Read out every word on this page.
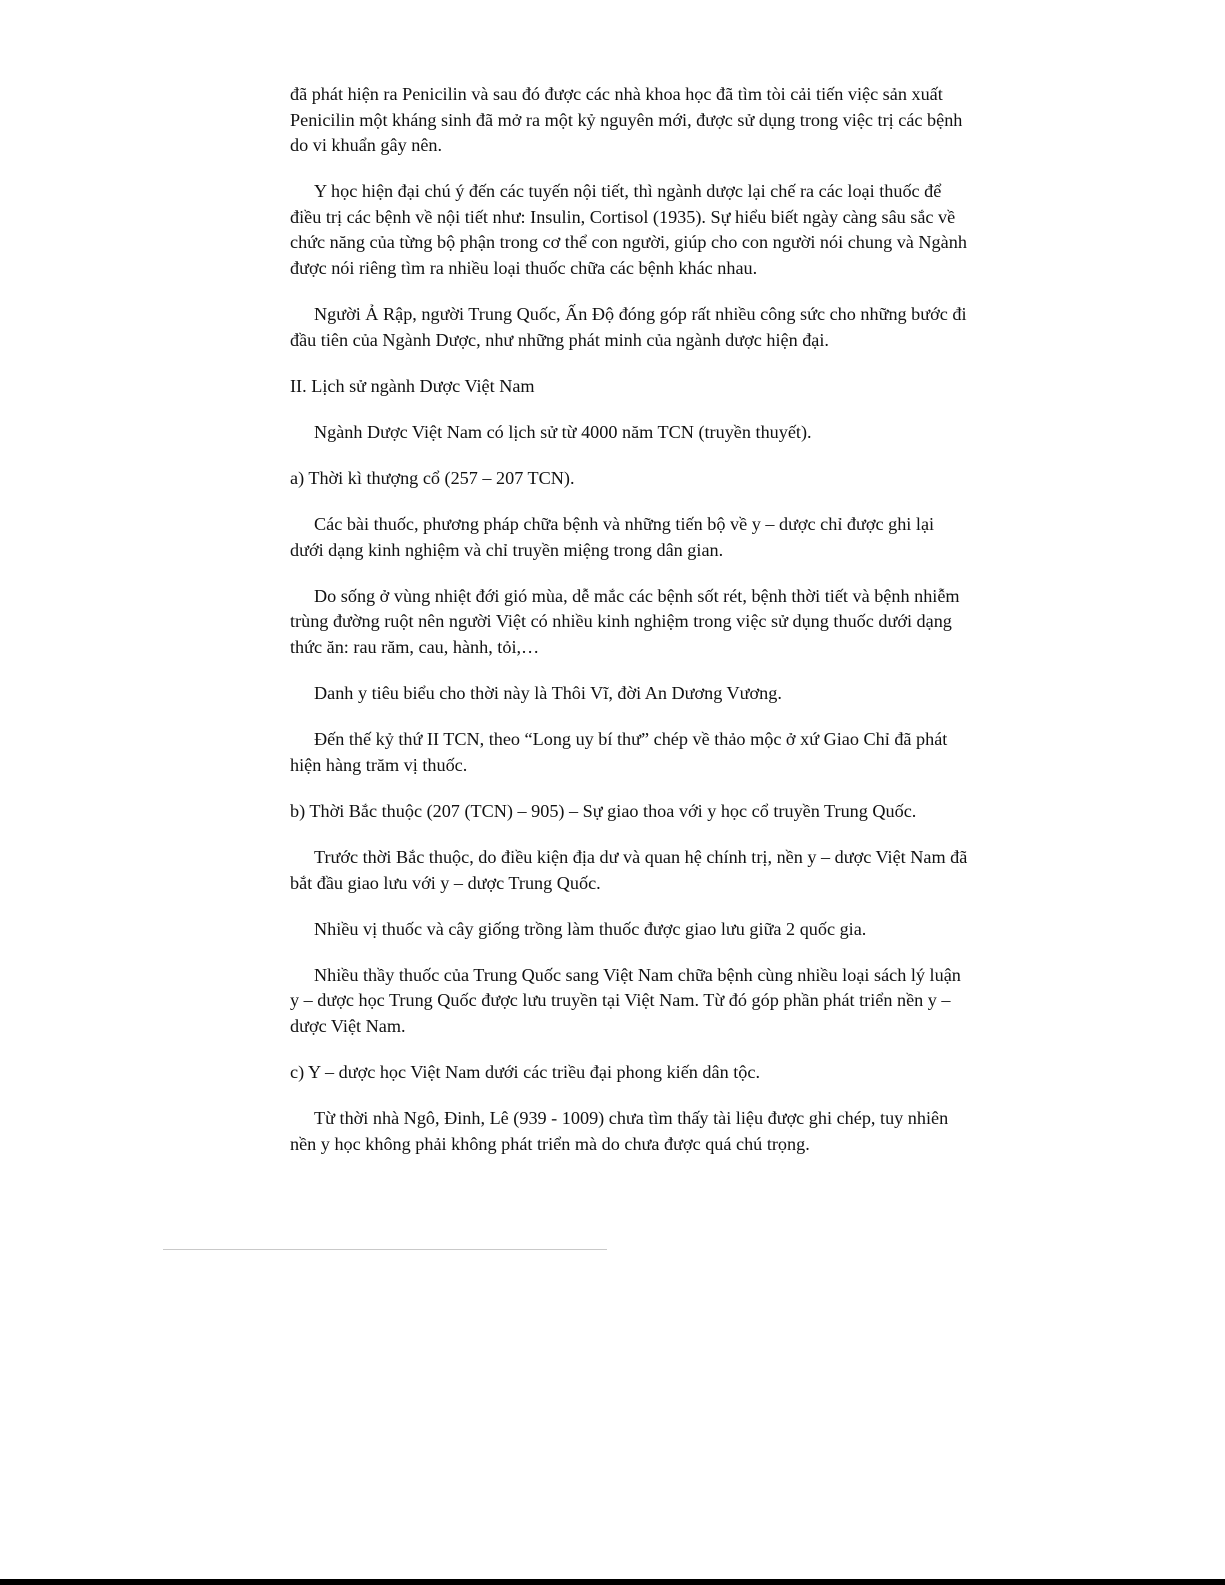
đã phát hiện ra Penicilin và sau đó được các nhà khoa học đã tìm tòi cải tiến việc sản xuất Penicilin một kháng sinh đã mở ra một kỷ nguyên mới, được sử dụng trong việc trị các bệnh do vi khuẩn gây nên.

Y học hiện đại chú ý đến các tuyến nội tiết, thì ngành dược lại chế ra các loại thuốc để điều trị các bệnh về nội tiết như: Insulin, Cortisol (1935). Sự hiểu biết ngày càng sâu sắc về chức năng của từng bộ phận trong cơ thể con người, giúp cho con người nói chung và Ngành được nói riêng tìm ra nhiều loại thuốc chữa các bệnh khác nhau.

Người Ả Rập, người Trung Quốc, Ấn Độ đóng góp rất nhiều công sức cho những bước đi đầu tiên của Ngành Dược, như những phát minh của ngành dược hiện đại.

II. Lịch sử ngành Dược Việt Nam

Ngành Dược Việt Nam có lịch sử từ 4000 năm TCN (truyền thuyết).

a) Thời kì thượng cổ (257 – 207 TCN).

Các bài thuốc, phương pháp chữa bệnh và những tiến bộ về y – dược chỉ được ghi lại dưới dạng kinh nghiệm và chỉ truyền miệng trong dân gian.

Do sống ở vùng nhiệt đới gió mùa, dễ mắc các bệnh sốt rét, bệnh thời tiết và bệnh nhiễm trùng đường ruột nên người Việt có nhiều kinh nghiệm trong việc sử dụng thuốc dưới dạng thức ăn: rau răm, cau, hành, tỏi,…

Danh y tiêu biểu cho thời này là Thôi Vĩ, đời An Dương Vương.

Đến thế kỷ thứ II TCN, theo “Long uy bí thư” chép về thảo mộc ở xứ Giao Chỉ đã phát hiện hàng trăm vị thuốc.

b) Thời Bắc thuộc (207 (TCN) – 905) – Sự giao thoa với y học cổ truyền Trung Quốc.

Trước thời Bắc thuộc, do điều kiện địa dư và quan hệ chính trị, nền y – dược Việt Nam đã bắt đầu giao lưu với y – dược Trung Quốc.

Nhiều vị thuốc và cây giống trồng làm thuốc được giao lưu giữa 2 quốc gia.

Nhiều thầy thuốc của Trung Quốc sang Việt Nam chữa bệnh cùng nhiều loại sách lý luận y – dược học Trung Quốc được lưu truyền tại Việt Nam. Từ đó góp phần phát triển nền y – dược Việt Nam.

c) Y – dược học Việt Nam dưới các triều đại phong kiến dân tộc.

Từ thời nhà Ngô, Đinh, Lê (939 - 1009) chưa tìm thấy tài liệu được ghi chép, tuy nhiên nền y học không phải không phát triển mà do chưa được quá chú trọng.
